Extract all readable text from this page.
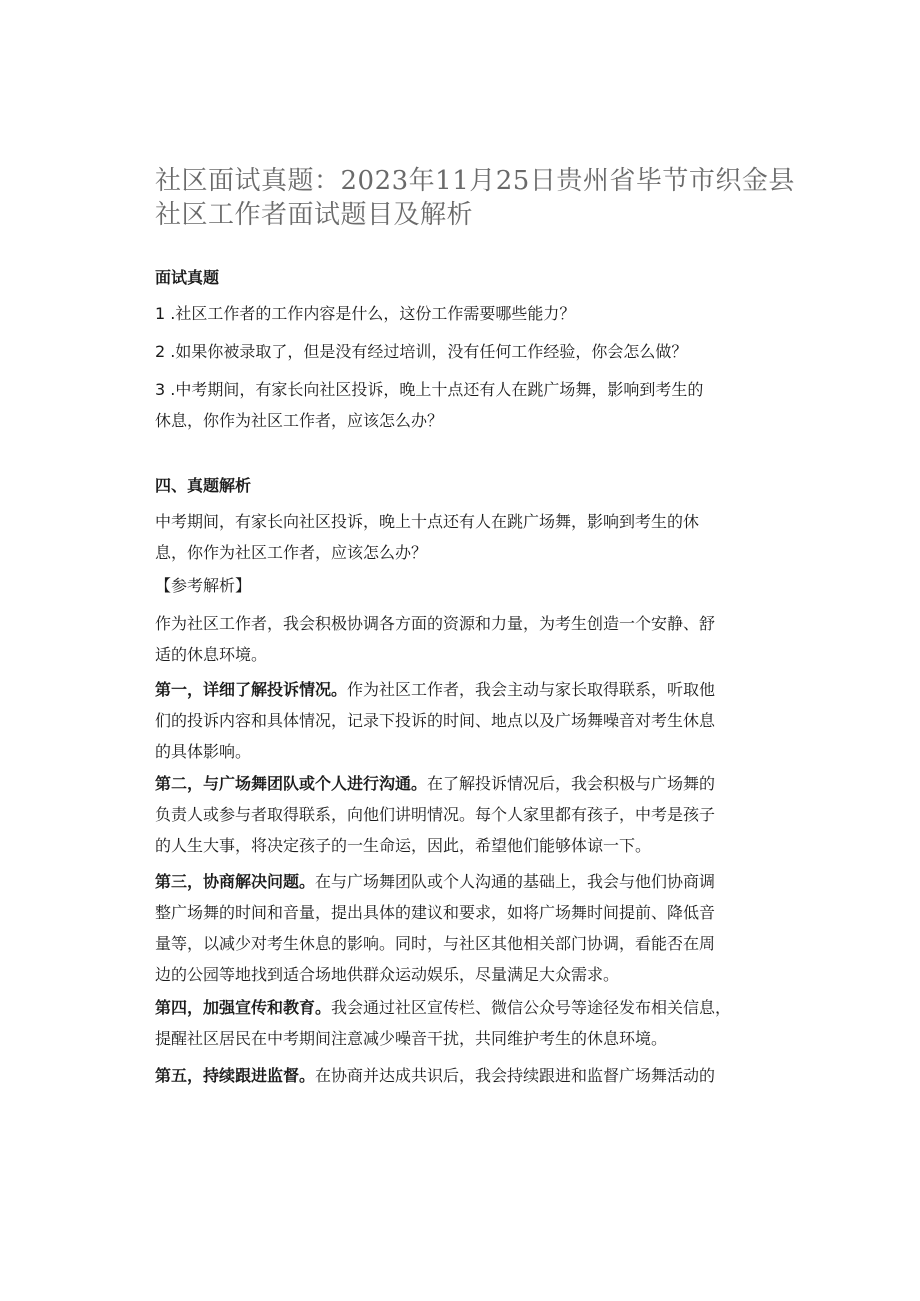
社区面试真题：2023年11月25日贵州省毕节市织金县
社区工作者面试题目及解析
面试真题
1 .社区工作者的工作内容是什么，这份工作需要哪些能力？
2 .如果你被录取了，但是没有经过培训，没有任何工作经验，你会怎么做？
3 .中考期间，有家长向社区投诉，晚上十点还有人在跳广场舞，影响到考生的
休息，你作为社区工作者，应该怎么办？
四、真题解析
中考期间，有家长向社区投诉，晚上十点还有人在跳广场舞，影响到考生的休
息，你作为社区工作者，应该怎么办？
【参考解析】
作为社区工作者，我会积极协调各方面的资源和力量，为考生创造一个安静、舒
适的休息环境。
第一，详细了解投诉情况。作为社区工作者，我会主动与家长取得联系，听取他
们的投诉内容和具体情况，记录下投诉的时间、地点以及广场舞噪音对考生休息
的具体影响。
第二，与广场舞团队或个人进行沟通。在了解投诉情况后，我会积极与广场舞的
负责人或参与者取得联系，向他们讲明情况。每个人家里都有孩子，中考是孩子
的人生大事，将决定孩子的一生命运，因此，希望他们能够体谅一下。
第三，协商解决问题。在与广场舞团队或个人沟通的基础上，我会与他们协商调
整广场舞的时间和音量，提出具体的建议和要求，如将广场舞时间提前、降低音
量等，以减少对考生休息的影响。同时，与社区其他相关部门协调，看能否在周
边的公园等地找到适合场地供群众运动娱乐，尽量满足大众需求。
第四，加强宣传和教育。我会通过社区宣传栏、微信公众号等途径发布相关信息，
提醒社区居民在中考期间注意减少噪音干扰，共同维护考生的休息环境。
第五，持续跟进监督。在协商并达成共识后，我会持续跟进和监督广场舞活动的
